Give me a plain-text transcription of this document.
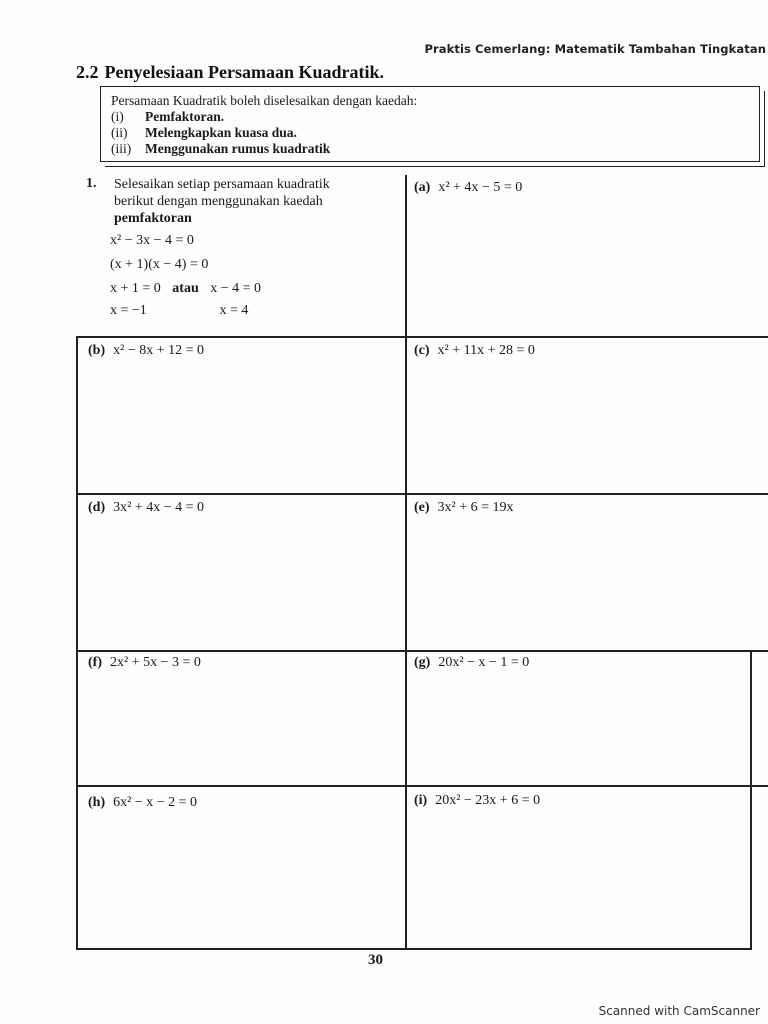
Praktis Cemerlang: Matematik Tambahan Tingkatan
2.2 Penyelesiaan Persamaan Kuadratik.
Persamaan Kuadratik boleh diselesaikan dengan kaedah:
(i) Pemfaktoran.
(ii) Melengkapkan kuasa dua.
(iii) Menggunakan rumus kuadratik
1. Selesaikan setiap persamaan kuadratik
berikut dengan menggunakan kaedah
pemfaktoran
x² − 3x − 4 = 0
(x + 1)(x − 4) = 0
x + 1 = 0 atau x − 4 = 0
x = −1	x = 4
(a) x² + 4x − 5 = 0
(b) x² − 8x + 12 = 0	(c) x² + 11x + 28 = 0
(d) 3x² + 4x − 4 = 0	(e) 3x² + 6 = 19x
(f) 2x² + 5x − 3 = 0	(g) 20x² − x − 1 = 0
(h) 6x² − x − 2 = 0	(i) 20x² − 23x + 6 = 0
30
Scanned with CamScanner
